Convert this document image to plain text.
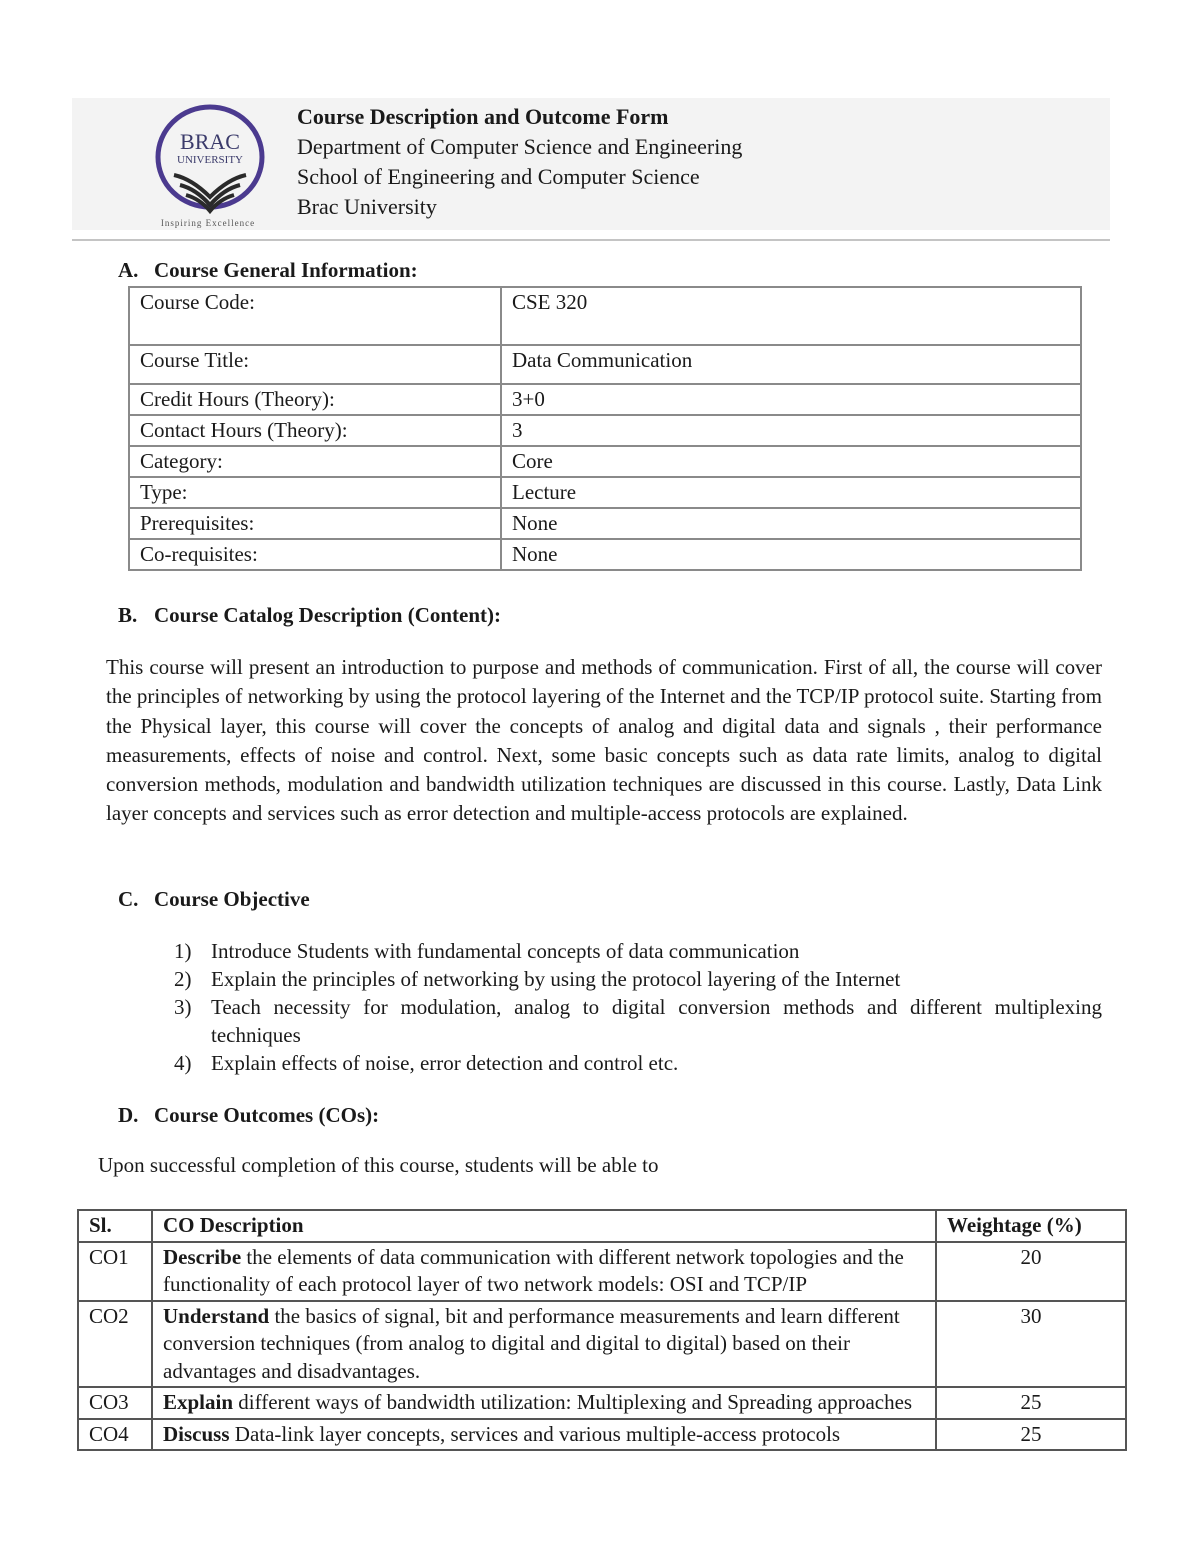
BRAC
UNIVERSITY
Inspiring Excellence
Course Description and Outcome Form
Department of Computer Science and Engineering
School of Engineering and Computer Science
Brac University
A. Course General Information:
Course Code:	CSE 320
Course Title:	Data Communication
Credit Hours (Theory):	3+0
Contact Hours (Theory):	3
Category:	Core
Type:	Lecture
Prerequisites:	None
Co-requisites:	None
B. Course Catalog Description (Content):

This course will present an introduction to purpose and methods of communication. First of all, the course will cover the principles of networking by using the protocol layering of the Internet and the TCP/IP protocol suite. Starting from the Physical layer, this course will cover the concepts of analog and digital data and signals , their performance measurements, effects of noise and control. Next, some basic concepts such as data rate limits, analog to digital conversion methods, modulation and bandwidth utilization techniques are discussed in this course. Lastly, Data Link layer concepts and services such as error detection and multiple-access protocols are explained.

C. Course Objective
1) Introduce Students with fundamental concepts of data communication
2) Explain the principles of networking by using the protocol layering of the Internet
3) Teach necessity for modulation, analog to digital conversion methods and different multiplexing techniques
4) Explain effects of noise, error detection and control etc.
D. Course Outcomes (COs):
Upon successful completion of this course, students will be able to
Sl.	CO Description	Weightage (%)
CO1	Describe the elements of data communication with different network topologies and the functionality of each protocol layer of two network models: OSI and TCP/IP	20
CO2	Understand the basics of signal, bit and performance measurements and learn different conversion techniques (from analog to digital and digital to digital) based on their advantages and disadvantages.	30
CO3	Explain different ways of bandwidth utilization: Multiplexing and Spreading approaches	25
CO4	Discuss Data-link layer concepts, services and various multiple-access protocols	25
